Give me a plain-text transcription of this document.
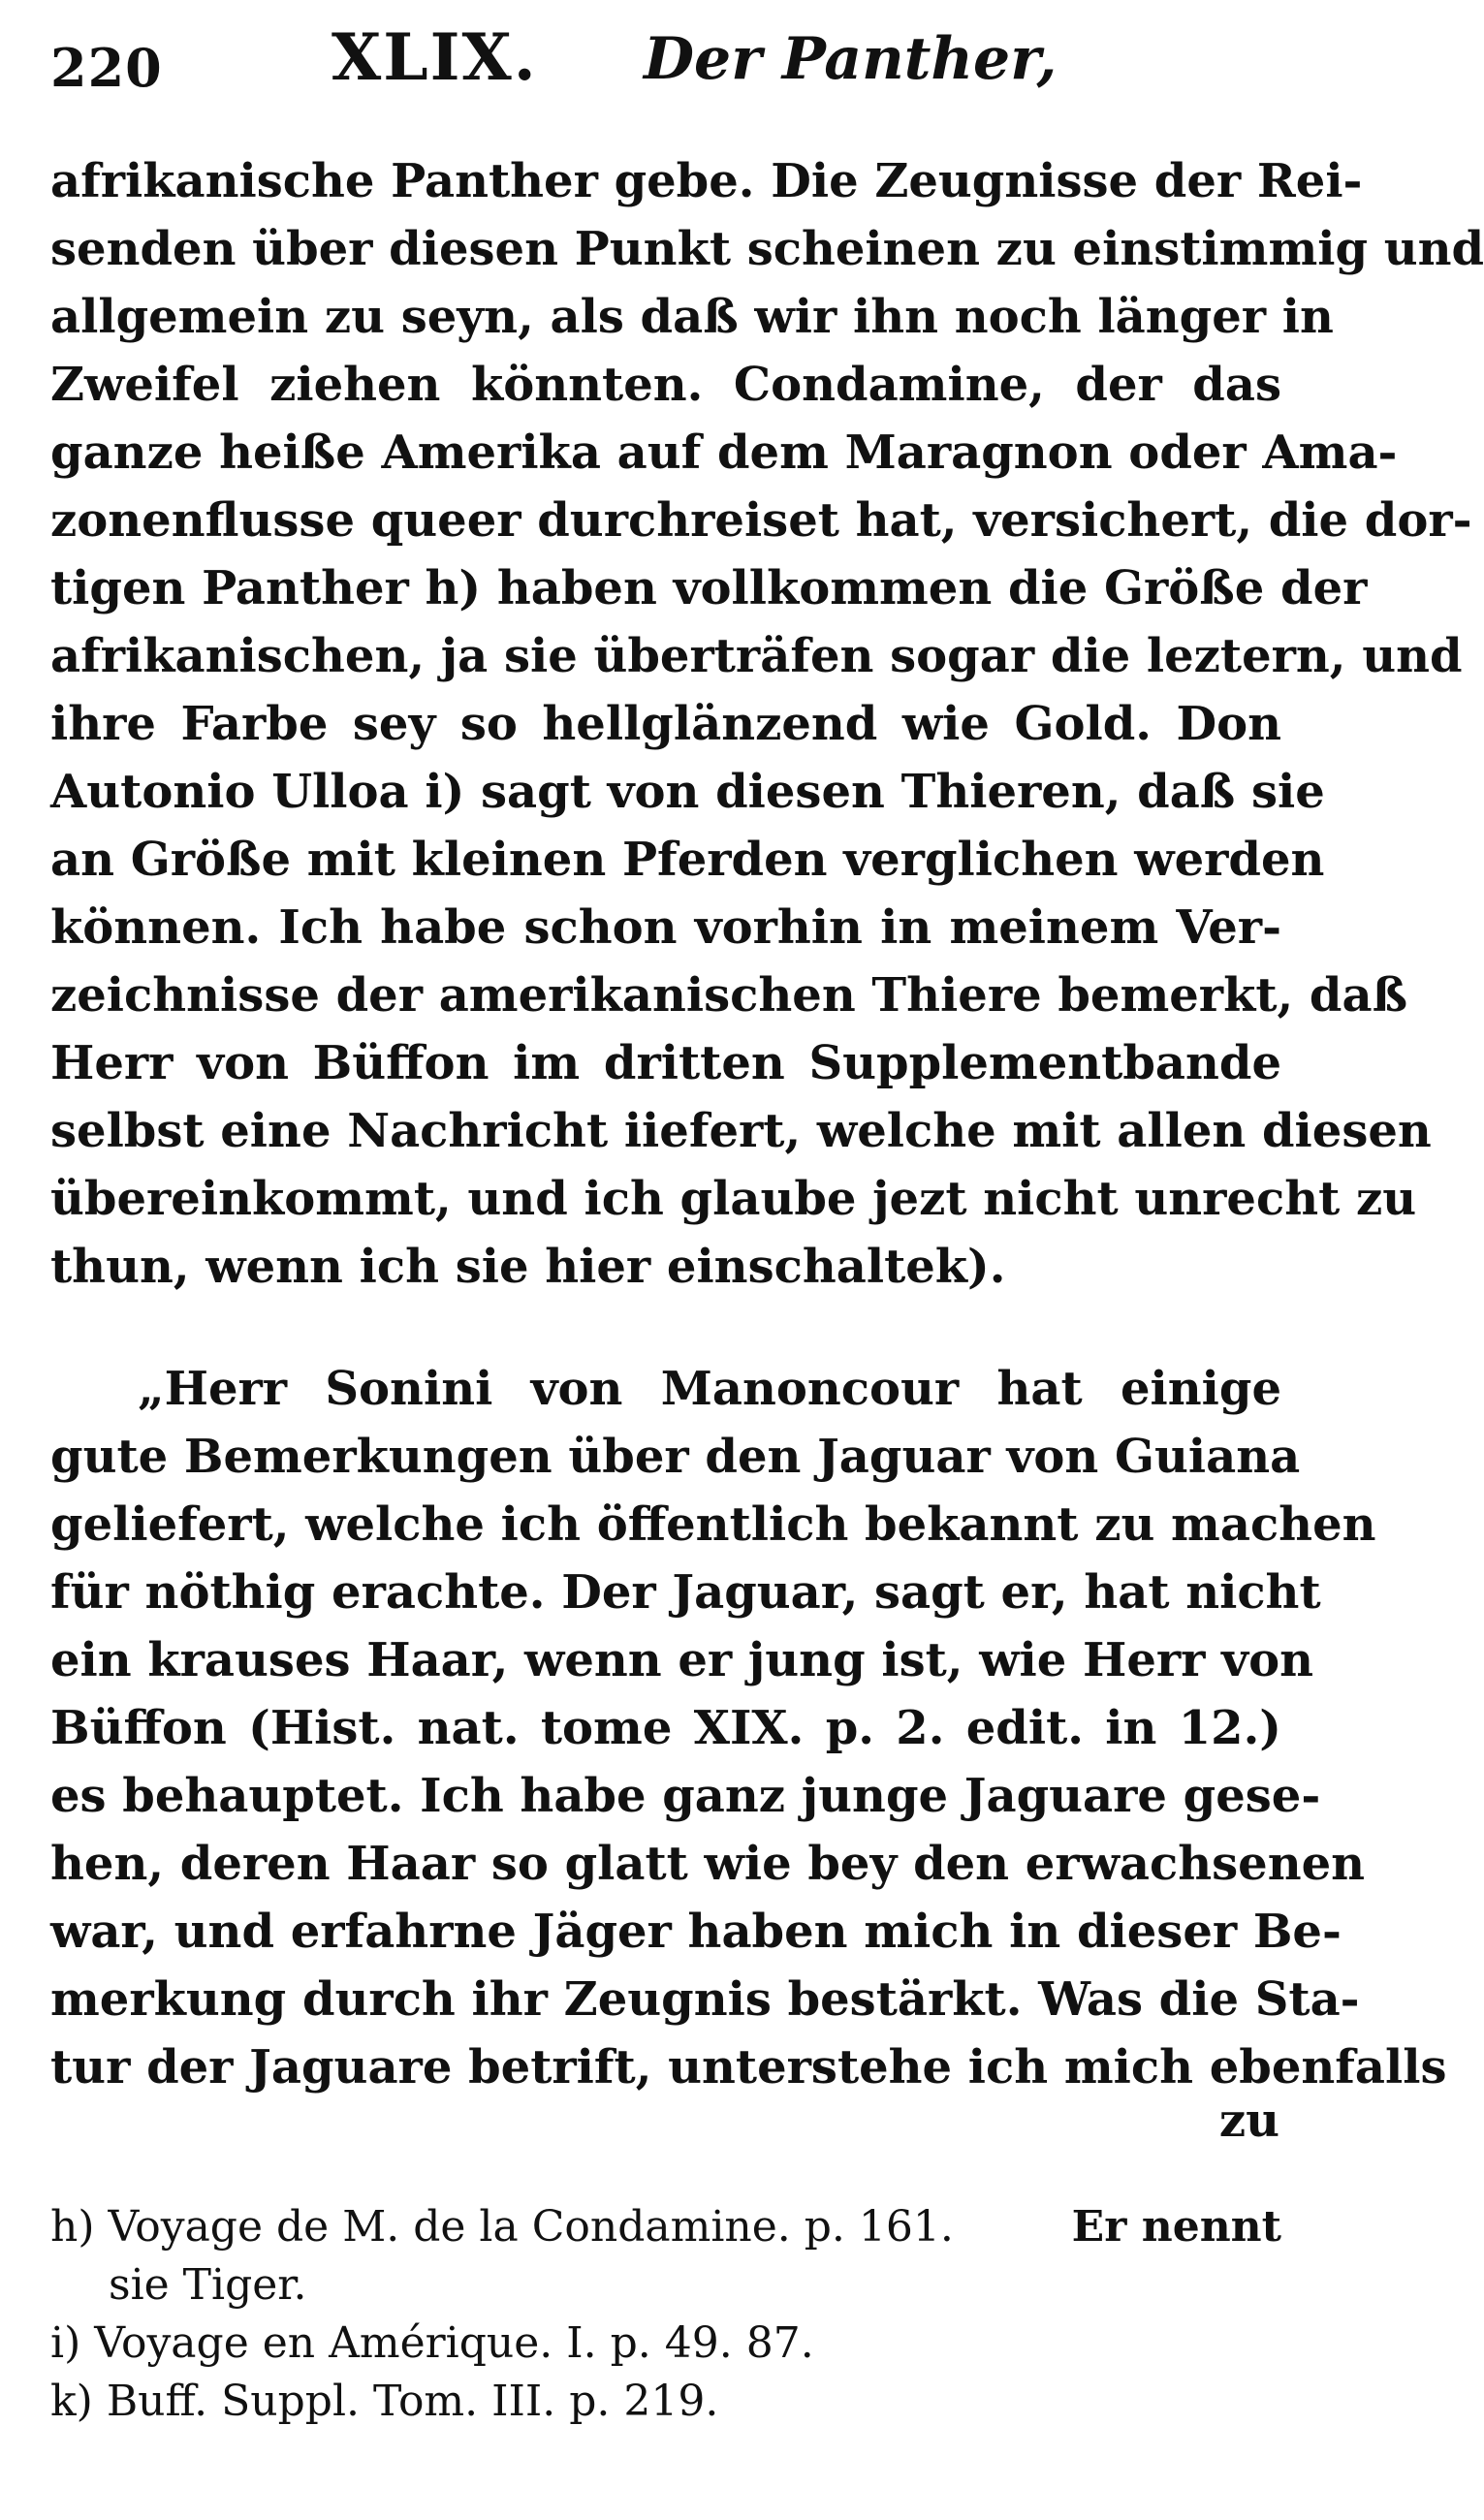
220	XLIX. Der Panther,
afrikanische Panther gebe. Die Zeugnisse der Rei-
senden über diesen Punkt scheinen zu einstimmig und
allgemein zu seyn, als daß wir ihn noch länger in
Zweifel ziehen könnten. Condamine, der das
ganze heiße Amerika auf dem Maragnon oder Ama-
zonenflusse queer durchreiset hat, versichert, die dor-
tigen Panther h) haben vollkommen die Größe der
afrikanischen, ja sie überträfen sogar die leztern, und
ihre Farbe sey so hellglänzend wie Gold. Don
Autonio Ulloa i) sagt von diesen Thieren, daß sie
an Größe mit kleinen Pferden verglichen werden
können. Ich habe schon vorhin in meinem Ver-
zeichnisse der amerikanischen Thiere bemerkt, daß
Herr von Büffon im dritten Supplementbande
selbst eine Nachricht iiefert, welche mit allen diesen
übereinkommt, und ich glaube jezt nicht unrecht zu
thun, wenn ich sie hier einschaltek).
„Herr Sonini von Manoncour hat einige
gute Bemerkungen über den Jaguar von Guiana
geliefert, welche ich öffentlich bekannt zu machen
für nöthig erachte. Der Jaguar, sagt er, hat nicht
ein krauses Haar, wenn er jung ist, wie Herr von
Büffon (Hist. nat. tome XIX. p. 2. edit. in 12.)
es behauptet. Ich habe ganz junge Jaguare gese-
hen, deren Haar so glatt wie bey den erwachsenen
war, und erfahrne Jäger haben mich in dieser Be-
merkung durch ihr Zeugnis bestärkt. Was die Sta-
tur der Jaguare betrift, unterstehe ich mich ebenfalls
zu
h) Voyage de M. de la Condamine. p. 161.	Er nennt
sie Tiger.
i) Voyage en Amérique. I. p. 49. 87.
k) Buff. Suppl. Tom. III. p. 219.
